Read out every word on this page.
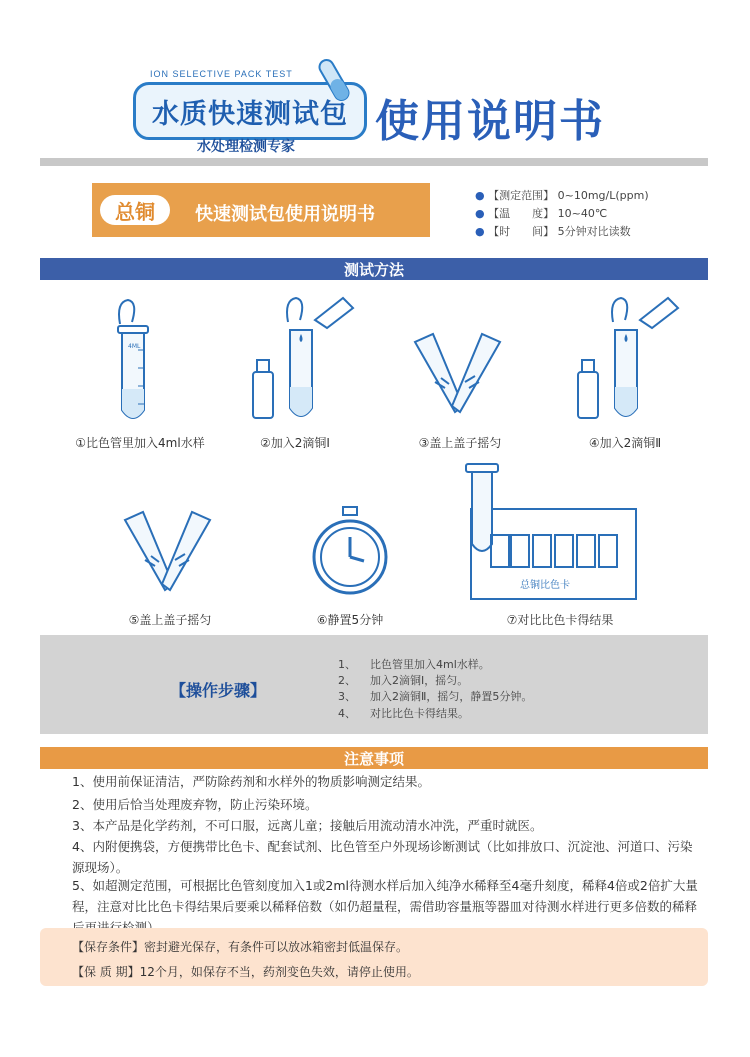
ION SELECTIVE PACK TEST
水质快速测试包
水处理检测专家 使用说明书
总铜	快速测试包使用说明书
● 【测定范围】 0~10mg/L(ppm)
● 【温　　度】 10~40℃
● 【时　　间】 5分钟对比读数
测试方法
4ML
①比色管里加入4ml水样	②加入2滴铜Ⅰ	③盖上盖子摇匀	④加入2滴铜Ⅱ
⑤盖上盖子摇匀	⑥静置5分钟
总铜比色卡
⑦对比比色卡得结果
【操作步骤】
1、 比色管里加入4ml水样。
2、 加入2滴铜Ⅰ，摇匀。
3、 加入2滴铜Ⅱ，摇匀，静置5分钟。
4、 对比比色卡得结果。
注意事项
1、使用前保证清洁，严防除药剂和水样外的物质影响测定结果。
2、使用后恰当处理废弃物，防止污染环境。
3、本产品是化学药剂，不可口服，远离儿童；接触后用流动清水冲洗，严重时就医。
4、内附便携袋，方便携带比色卡、配套试剂、比色管至户外现场诊断测试（比如排放口、沉淀池、河道口、污染源现场）。
5、如超测定范围，可根据比色管刻度加入1或2ml待测水样后加入纯净水稀释至4毫升刻度，稀释4倍或2倍扩大量程，注意对比比色卡得结果后要乘以稀释倍数（如仍超量程，需借助容量瓶等器皿对待测水样进行更多倍数的稀释
【保存条件】密封避光保存，有条件可以放冰箱密封低温保存。
【保 质 期】12个月，如保存不当，药剂变色失效，请停止使用。
